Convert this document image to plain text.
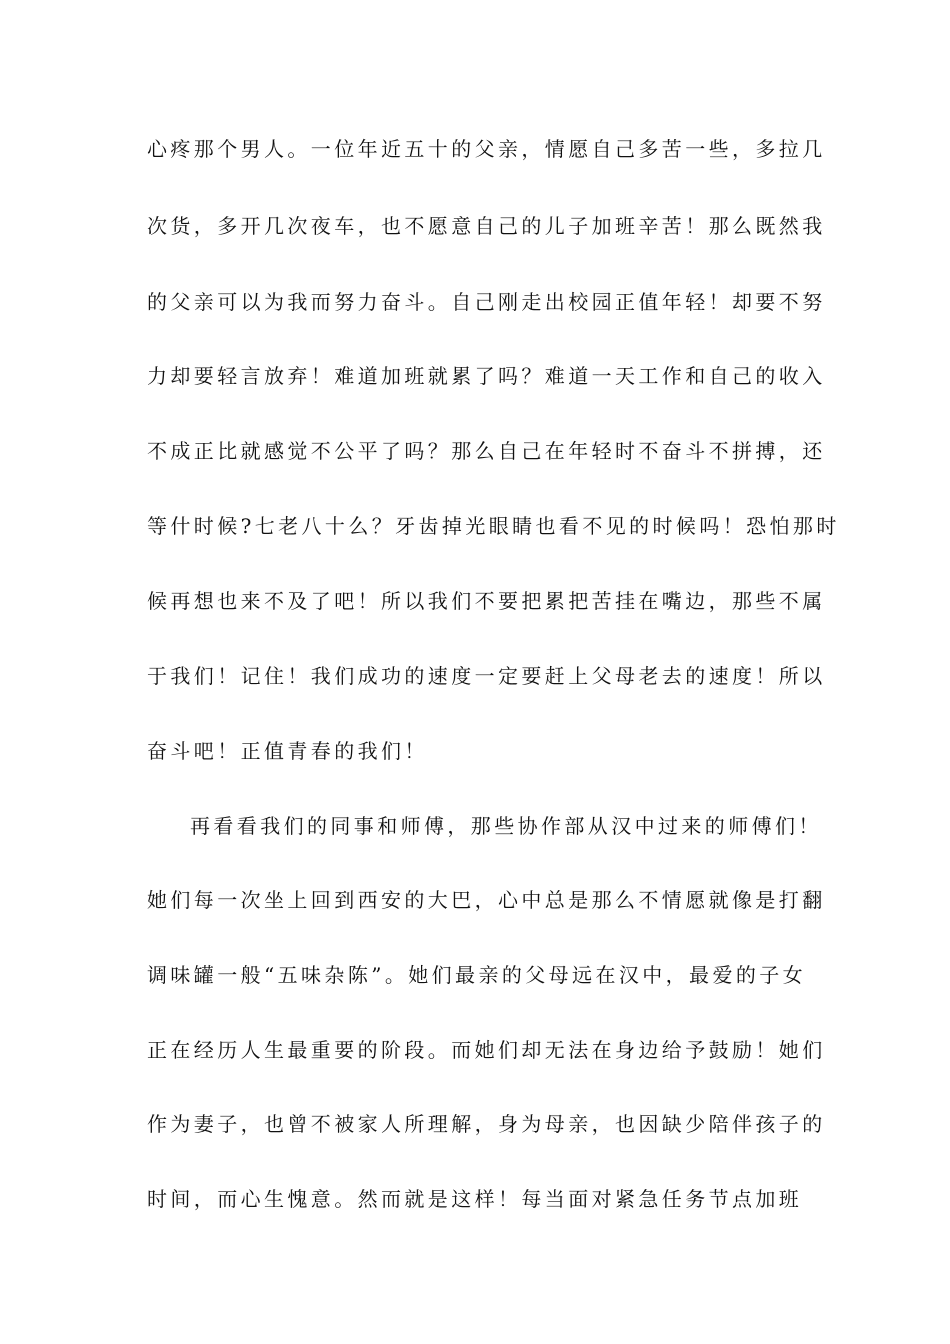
心疼那个男人。一位年近五十的父亲，情愿自己多苦一些，多拉几

次货，多开几次夜车，也不愿意自己的儿子加班辛苦！那么既然我

的父亲可以为我而努力奋斗。自己刚走出校园正值年轻！却要不努

力却要轻言放弃！难道加班就累了吗？难道一天工作和自己的收入

不成正比就感觉不公平了吗？那么自己在年轻时不奋斗不拼搏，还

等什时候?七老八十么？牙齿掉光眼睛也看不见的时候吗！恐怕那时

候再想也来不及了吧！所以我们不要把累把苦挂在嘴边，那些不属

于我们！记住！我们成功的速度一定要赶上父母老去的速度！所以

奋斗吧！正值青春的我们！

再看看我们的同事和师傅，那些协作部从汉中过来的师傅们！

她们每一次坐上回到西安的大巴，心中总是那么不情愿就像是打翻

调味罐一般“五味杂陈”。她们最亲的父母远在汉中，最爱的子女

正在经历人生最重要的阶段。而她们却无法在身边给予鼓励！她们

作为妻子，也曾不被家人所理解，身为母亲，也因缺少陪伴孩子的

时间，而心生愧意。然而就是这样！每当面对紧急任务节点加班
